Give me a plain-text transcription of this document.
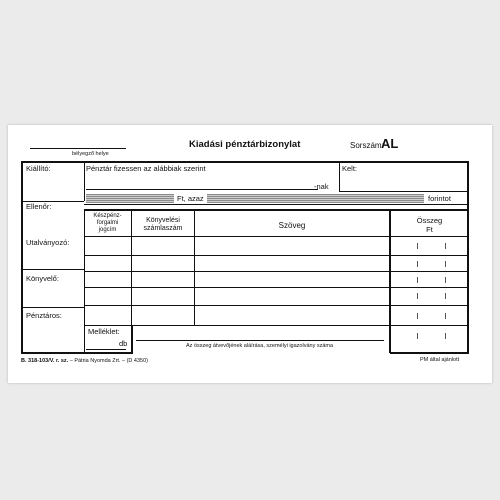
Kiadási pénztárbizonylat	Sorszám:
AL
bélyegző helye
Kiállító:	Pénztár fizessen az alábbiak szerint
-nak
Kelt:
Ft, azaz	forintot
Ellenőr:
Készpénz-
forgalmi
jogcím
Könyvelési
számlaszám	Szöveg
Összeg
Ft
Utalványozó:
Könyvelő:
Pénztáros:
Melléklet:
db	Az összeg átvevőjének aláírása, személyi igazolvány száma
B. 318-103/V. r. sz. – Pátria Nyomda Zrt. – (D 4350)	PM által ajánlott
